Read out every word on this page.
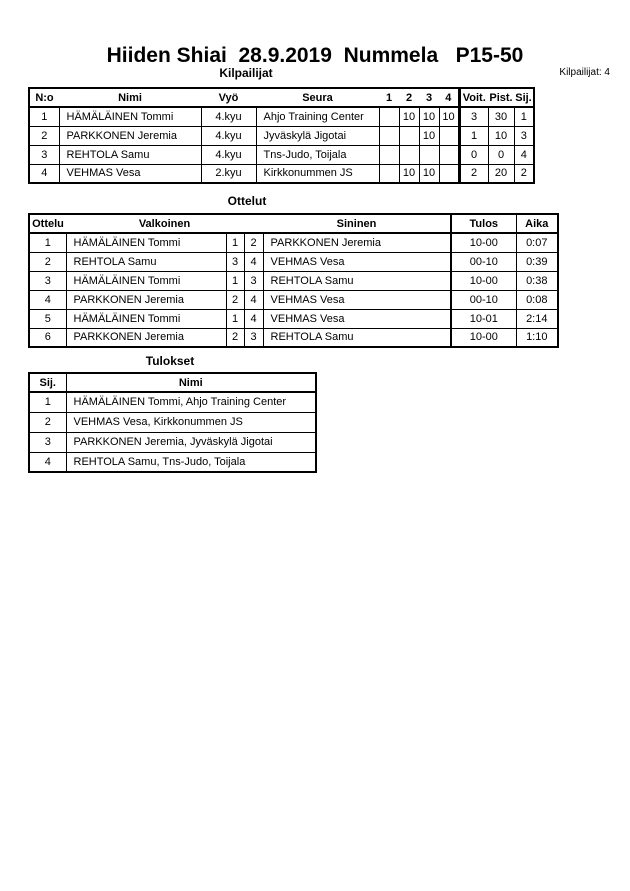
Hiiden Shiai  28.9.2019  Nummela   P15-50
Kilpailijat: 4
Kilpailijat
N:o	Nimi	Vyö	Seura	1	2	3	4	Voit.	Pist.	Sij.
1	HÄMÄLÄINEN Tommi	4.kyu	Ahjo Training Center		10	10	10	3	30	1
2	PARKKONEN Jeremia	4.kyu	Jyväskylä Jigotai			10		1	10	3
3	REHTOLA Samu	4.kyu	Tns-Judo, Toijala					0	0	4
4	VEHMAS Vesa	2.kyu	Kirkkonummen JS		10	10		2	20	2
Ottelut
Ottelu	Valkoinen			Sininen	Tulos	Aika
1	HÄMÄLÄINEN Tommi	1	2	PARKKONEN Jeremia	10-00	0:07
2	REHTOLA Samu	3	4	VEHMAS Vesa	00-10	0:39
3	HÄMÄLÄINEN Tommi	1	3	REHTOLA Samu	10-00	0:38
4	PARKKONEN Jeremia	2	4	VEHMAS Vesa	00-10	0:08
5	HÄMÄLÄINEN Tommi	1	4	VEHMAS Vesa	10-01	2:14
6	PARKKONEN Jeremia	2	3	REHTOLA Samu	10-00	1:10
Tulokset
Sij.	Nimi
1	HÄMÄLÄINEN Tommi, Ahjo Training Center
2	VEHMAS Vesa, Kirkkonummen JS
3	PARKKONEN Jeremia, Jyväskylä Jigotai
4	REHTOLA Samu, Tns-Judo, Toijala
